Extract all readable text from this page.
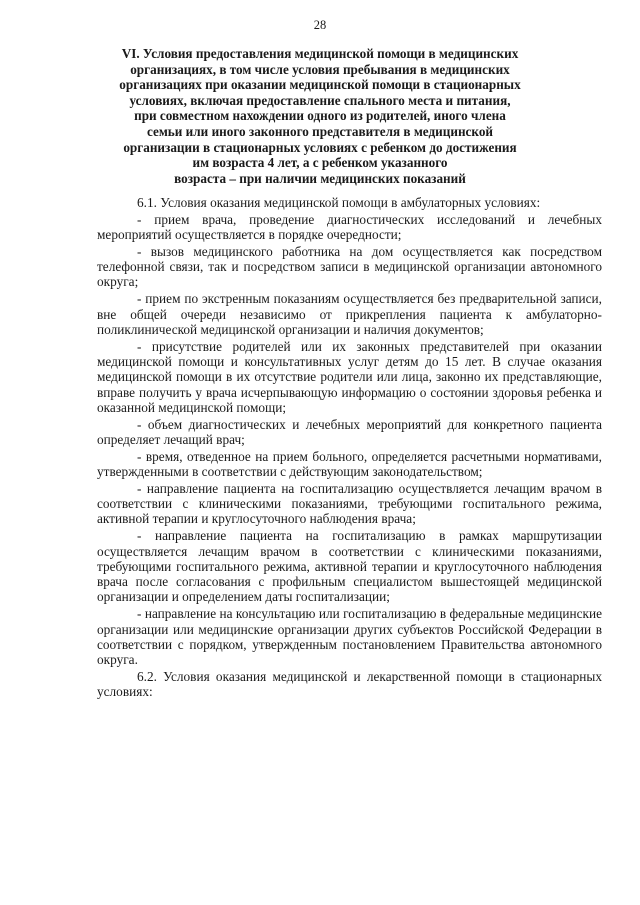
28
VI. Условия предоставления медицинской помощи в медицинских
организациях, в том числе условия пребывания в медицинских
организациях при оказании медицинской помощи в стационарных
условиях, включая предоставление спального места и питания,
при совместном нахождении одного из родителей, иного члена
семьи или иного законного представителя в медицинской
организации в стационарных условиях с ребенком до достижения
им возраста 4 лет, а с ребенком указанного
возраста – при наличии медицинских показаний

6.1. Условия оказания медицинской помощи в амбулаторных условиях:

- прием врача, проведение диагностических исследований и лечебных мероприятий осуществляется в порядке очередности;

- вызов медицинского работника на дом осуществляется как посредством телефонной связи, так и посредством записи в медицинской организации автономного округа;

- прием по экстренным показаниям осуществляется без предварительной записи, вне общей очереди независимо от прикрепления пациента к амбулаторно-поликлинической медицинской организации и наличия документов;

- присутствие родителей или их законных представителей при оказании медицинской помощи и консультативных услуг детям до 15 лет. В случае оказания медицинской помощи в их отсутствие родители или лица, законно их представляющие, вправе получить у врача исчерпывающую информацию о состоянии здоровья ребенка и оказанной медицинской помощи;

- объем диагностических и лечебных мероприятий для конкретного пациента определяет лечащий врач;

- время, отведенное на прием больного, определяется расчетными нормативами, утвержденными в соответствии с действующим законодательством;

- направление пациента на госпитализацию осуществляется лечащим врачом в соответствии с клиническими показаниями, требующими госпитального режима, активной терапии и круглосуточного наблюдения врача;

- направление пациента на госпитализацию в рамках маршрутизации осуществляется лечащим врачом в соответствии с клиническими показаниями, требующими госпитального режима, активной терапии и круглосуточного наблюдения врача после согласования с профильным специалистом вышестоящей медицинской организации и определением даты госпитализации;

- направление на консультацию или госпитализацию в федеральные медицинские организации или медицинские организации других субъектов Российской Федерации в соответствии с порядком, утвержденным постановлением Правительства автономного округа.

6.2. Условия оказания медицинской и лекарственной помощи в стационарных условиях:
